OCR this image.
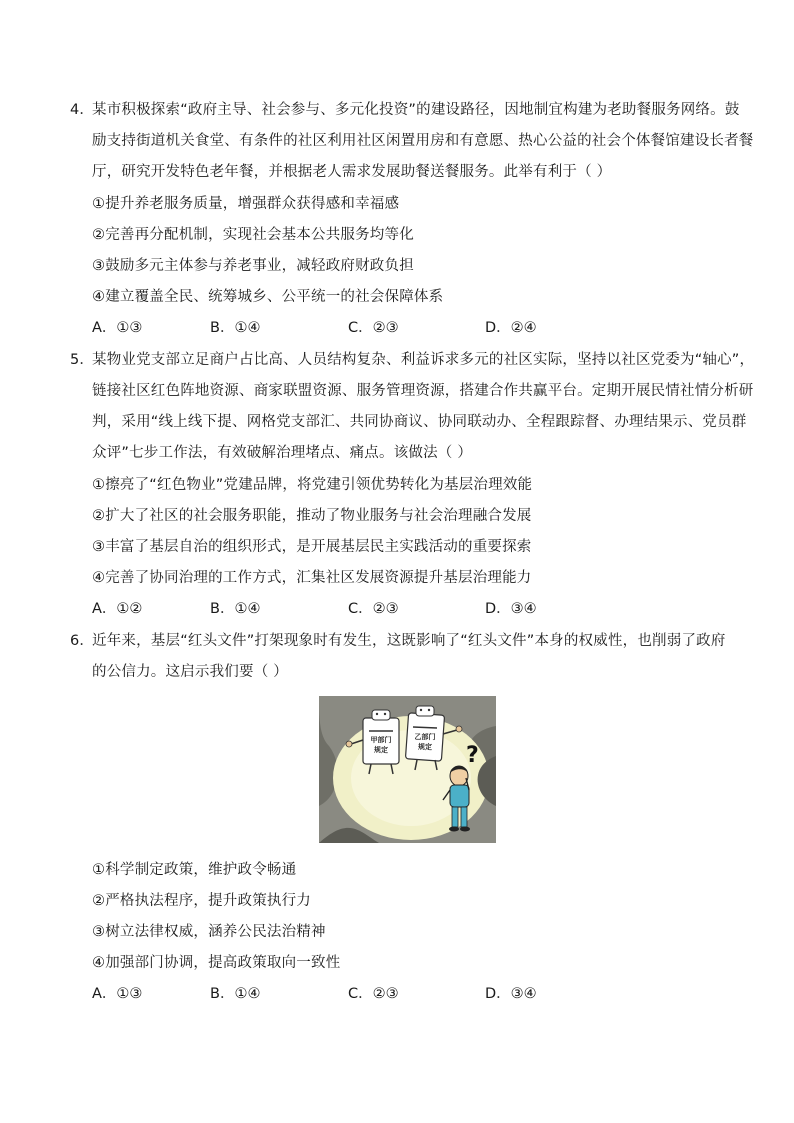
4．
某市积极探索“政府主导、社会参与、多元化投资”的建设路径，因地制宜构建为老助餐服务网络。鼓
励支持街道机关食堂、有条件的社区利用社区闲置用房和有意愿、热心公益的社会个体餐馆建设长者餐
厅，研究开发特色老年餐，并根据老人需求发展助餐送餐服务。此举有利于（ ）
①提升养老服务质量，增强群众获得感和幸福感
②完善再分配机制，实现社会基本公共服务均等化
③鼓励多元主体参与养老事业，减轻政府财政负担
④建立覆盖全民、统筹城乡、公平统一的社会保障体系
A．①③	B．①④	C．②③	D．②④
5．
某物业党支部立足商户占比高、人员结构复杂、利益诉求多元的社区实际，坚持以社区党委为“轴心”，
链接社区红色阵地资源、商家联盟资源、服务管理资源，搭建合作共赢平台。定期开展民情社情分析研
判，采用“线上线下提、网格党支部汇、共同协商议、协同联动办、全程跟踪督、办理结果示、党员群
众评”七步工作法，有效破解治理堵点、痛点。该做法（ ）
①擦亮了“红色物业”党建品牌，将党建引领优势转化为基层治理效能
②扩大了社区的社会服务职能，推动了物业服务与社会治理融合发展
③丰富了基层自治的组织形式，是开展基层民主实践活动的重要探索
④完善了协同治理的工作方式，汇集社区发展资源提升基层治理能力
A．①②	B．①④	C．②③	D．③④
6．
近年来，基层“红头文件”打架现象时有发生，这既影响了“红头文件”本身的权威性，也削弱了政府
的公信力。这启示我们要（ ）
甲部门
规定
乙部门
规定 ?
①科学制定政策，维护政令畅通
②严格执法程序，提升政策执行力
③树立法律权威，涵养公民法治精神
④加强部门协调，提高政策取向一致性
A．①③	B．①④	C．②③	D．③④
